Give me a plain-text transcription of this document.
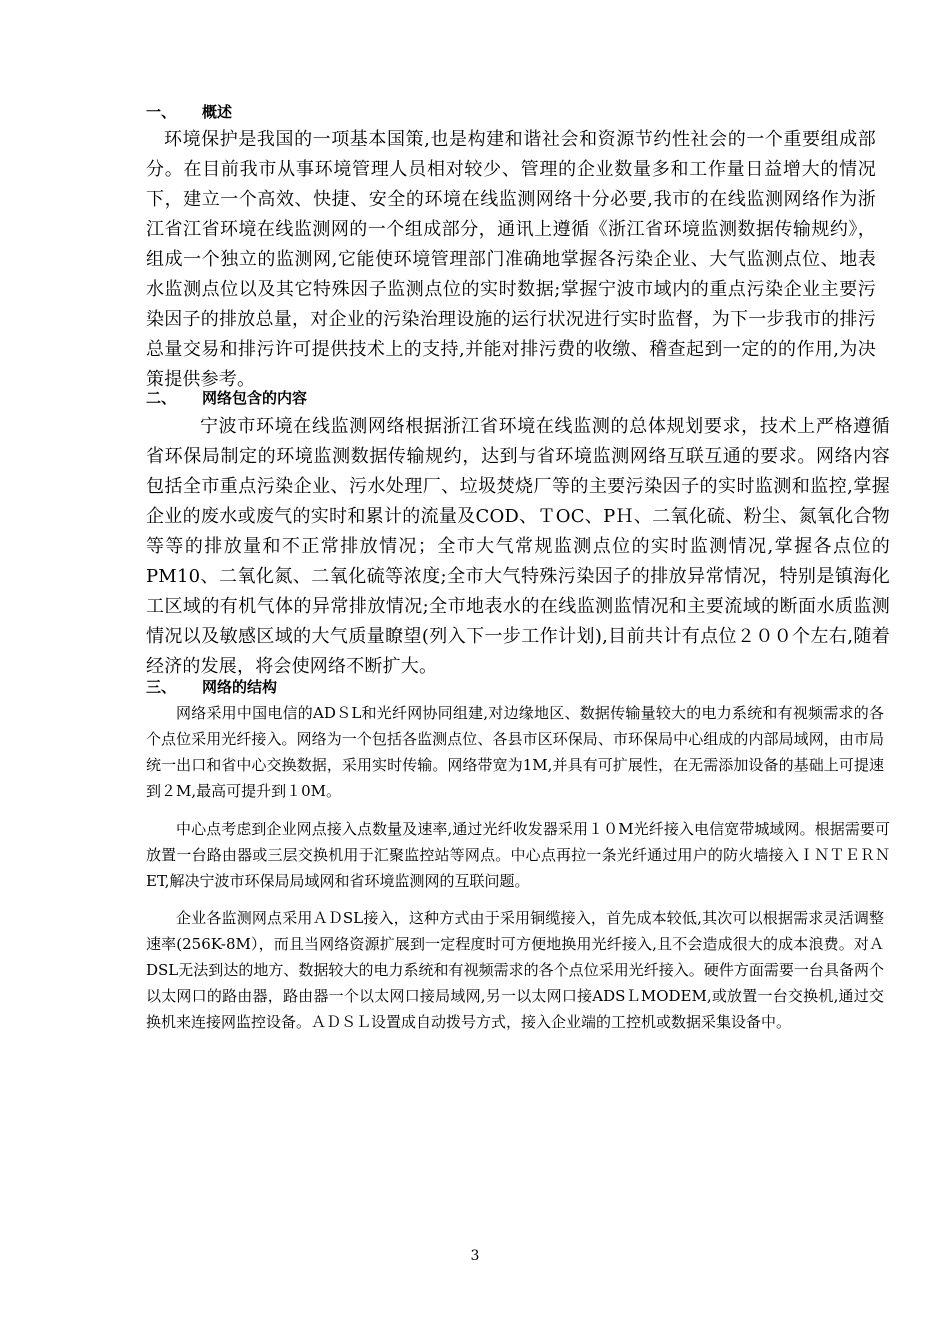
一、 概述
环境保护是我国的一项基本国策,也是构建和谐社会和资源节约性社会的一个重要组成部分。在目前我市从事环境管理人员相对较少、管理的企业数量多和工作量日益增大的情况下，建立一个高效、快捷、安全的环境在线监测网络十分必要,我市的在线监测网络作为浙江省江省环境在线监测网的一个组成部分，通讯上遵循《浙江省环境监测数据传输规约》，组成一个独立的监测网,它能使环境管理部门准确地掌握各污染企业、大气监测点位、地表水监测点位以及其它特殊因子监测点位的实时数据;掌握宁波市域内的重点污染企业主要污染因子的排放总量，对企业的污染治理设施的运行状况进行实时监督，为下一步我市的排污总量交易和排污许可提供技术上的支持,并能对排污费的收缴、稽查起到一定的的作用,为决策提供参考。
二、 网络包含的内容
宁波市环境在线监测网络根据浙江省环境在线监测的总体规划要求，技术上严格遵循省环保局制定的环境监测数据传输规约，达到与省环境监测网络互联互通的要求。网络内容包括全市重点污染企业、污水处理厂、垃圾焚烧厂等的主要污染因子的实时监测和监控,掌握企业的废水或废气的实时和累计的流量及COD、ＴOC、PＨ、二氧化硫、粉尘、氮氧化合物等等的排放量和不正常排放情况；全市大气常规监测点位的实时监测情况,掌握各点位的PM10、二氧化氮、二氧化硫等浓度;全市大气特殊污染因子的排放异常情况，特别是镇海化工区域的有机气体的异常排放情况;全市地表水的在线监测监情况和主要流域的断面水质监测情况以及敏感区域的大气质量瞭望(列入下一步工作计划),目前共计有点位２００个左右,随着经济的发展，将会使网络不断扩大。
三、 网络的结构
网络采用中国电信的ADＳL和光纤网协同组建,对边缘地区、数据传输量较大的电力系统和有视频需求的各个点位采用光纤接入。网络为一个包括各监测点位、各县市区环保局、市环保局中心组成的内部局域网，由市局统一出口和省中心交换数据，采用实时传输。网络带宽为1M,并具有可扩展性，在无需添加设备的基础上可提速到２M,最高可提升到１0M。
中心点考虑到企业网点接入点数量及速率,通过光纤收发器采用１０M光纤接入电信宽带城域网。根据需要可放置一台路由器或三层交换机用于汇聚监控站等网点。中心点再拉一条光纤通过用户的防火墙接入ＩＮＴＥＲＮET,解决宁波市环保局局域网和省环境监测网的互联问题。
企业各监测网点采用ＡＤSL接入，这种方式由于采用铜缆接入，首先成本较低,其次可以根据需求灵活调整速率(256K-8M），而且当网络资源扩展到一定程度时可方便地换用光纤接入,且不会造成很大的成本浪费。对ＡDSL无法到达的地方、数据较大的电力系统和有视频需求的各个点位采用光纤接入。硬件方面需要一台具备两个以太网口的路由器，路由器一个以太网口接局域网,另一以太网口接ADSＬMODEM,或放置一台交换机,通过交换机来连接网监控设备。ＡＤＳＬ设置成自动拨号方式，接入企业端的工控机或数据采集设备中。
3
